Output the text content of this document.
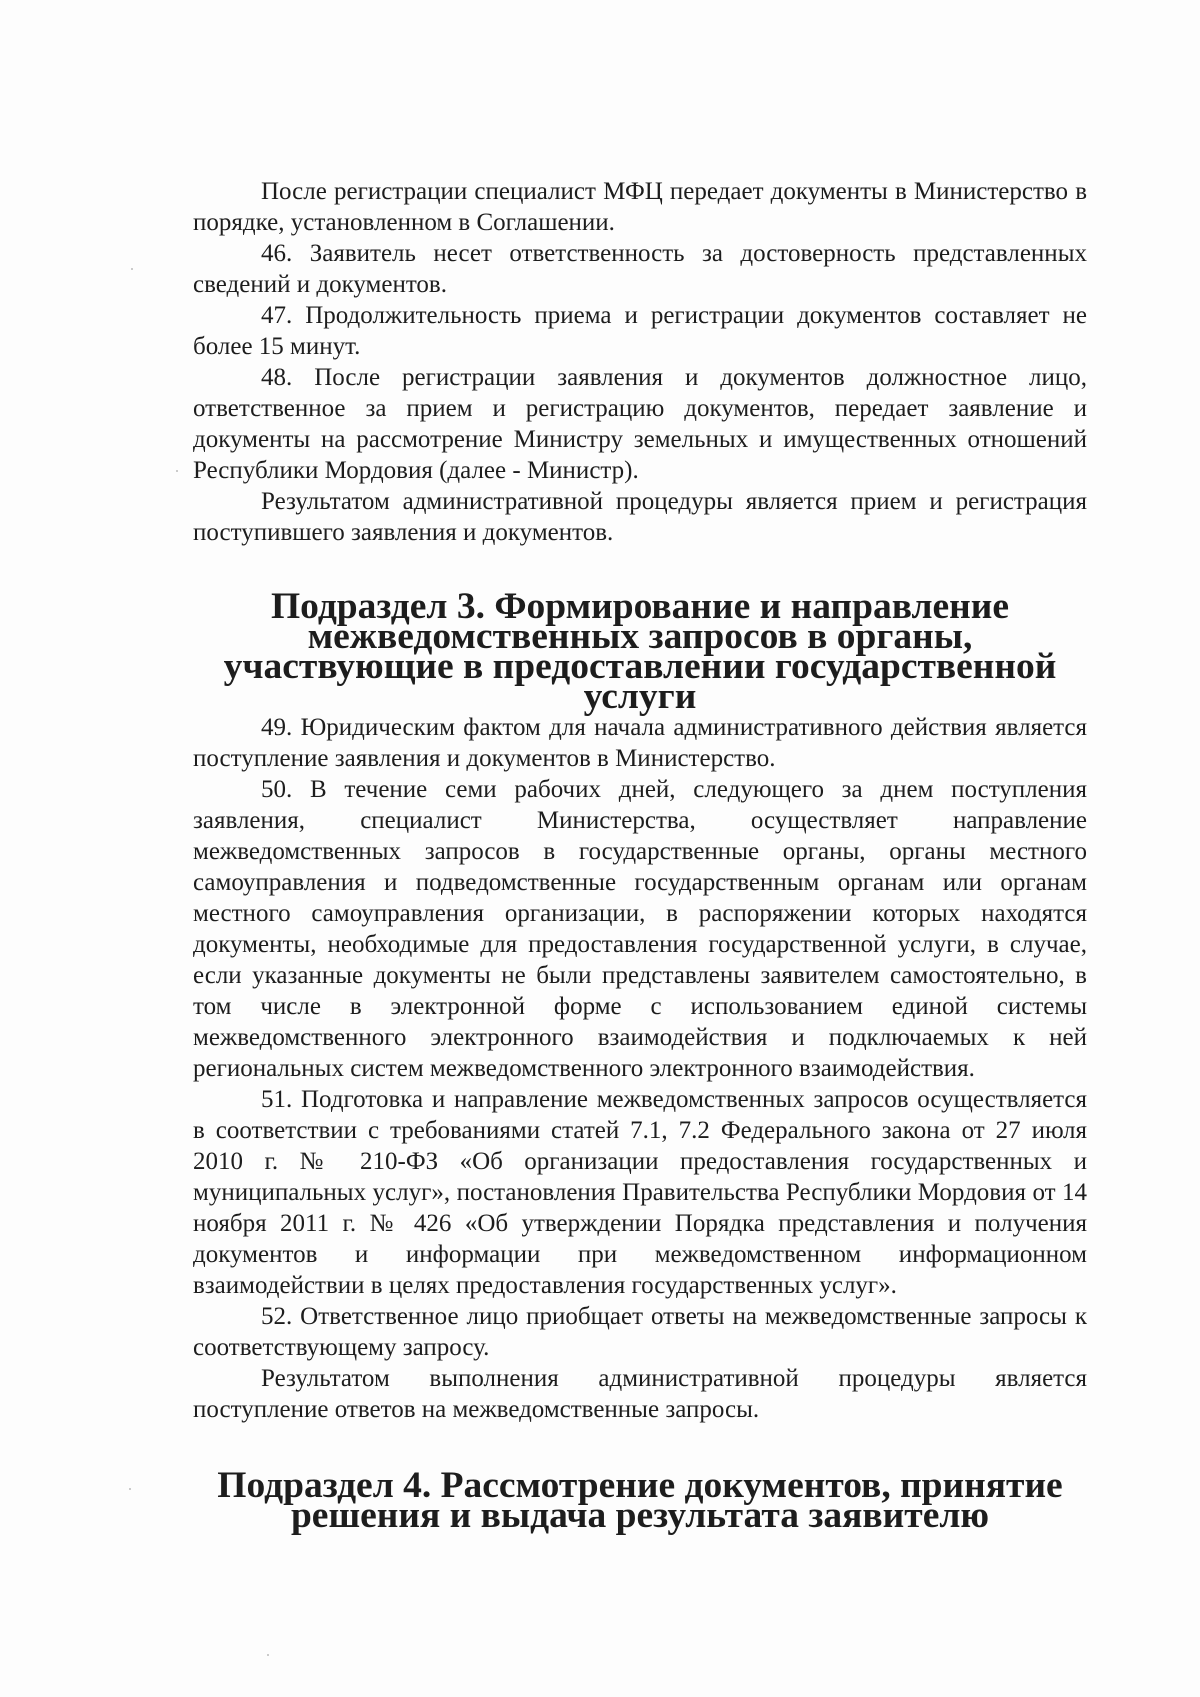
После регистрации специалист МФЦ передает документы в Министерство в порядке, установленном в Соглашении.

46. Заявитель несет ответственность за достоверность представленных сведений и документов.

47. Продолжительность приема и регистрации документов составляет не более 15 минут.

48. После регистрации заявления и документов должностное лицо, ответственное за прием и регистрацию документов, передает заявление и документы на рассмотрение Министру земельных и имущественных отношений Республики Мордовия (далее - Министр).

Результатом административной процедуры является прием и регистрация поступившего заявления и документов.

Подраздел 3. Формирование и направление межведомственных запросов в органы, участвующие в предоставлении государственной услуги

49. Юридическим фактом для начала административного действия является поступление заявления и документов в Министерство.

50. В течение семи рабочих дней, следующего за днем поступления заявления, специалист Министерства, осуществляет направление межведомственных запросов в государственные органы, органы местного самоуправления и подведомственные государственным органам или органам местного самоуправления организации, в распоряжении которых находятся документы, необходимые для предоставления государственной услуги, в случае, если указанные документы не были представлены заявителем самостоятельно, в том числе в электронной форме с использованием единой системы межведомственного электронного взаимодействия и подключаемых к ней региональных систем межведомственного электронного взаимодействия.

51. Подготовка и направление межведомственных запросов осуществляется в соответствии с требованиями статей 7.1, 7.2 Федерального закона от 27 июля 2010 г. № 210-ФЗ «Об организации предоставления государственных и муниципальных услуг», постановления Правительства Республики Мордовия от 14 ноября 2011 г. № 426 «Об утверждении Порядка представления и получения документов и информации при межведомственном информационном взаимодействии в целях предоставления государственных услуг».

52. Ответственное лицо приобщает ответы на межведомственные запросы к соответствующему запросу.

Результатом выполнения административной процедуры является поступление ответов на межведомственные запросы.

Подраздел 4. Рассмотрение документов, принятие решения и выдача результата заявителю
